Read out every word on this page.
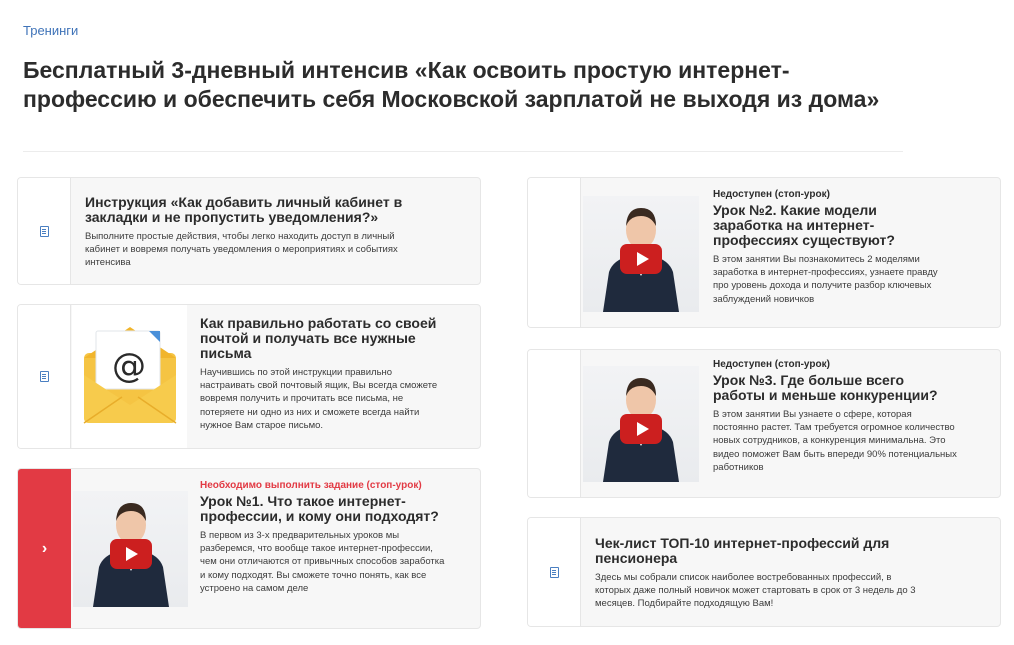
Тренинги
Бесплатный 3-дневный интенсив «Как освоить простую интернет-профессию и обеспечить себя Московской зарплатой не выходя из дома»
Инструкция «Как добавить личный кабинет в закладки и не пропустить уведомления?»
Выполните простые действия, чтобы легко находить доступ в личный кабинет и вовремя получать уведомления о мероприятиях и событиях интенсива
@
Как правильно работать со своей почтой и получать все нужные письма
Научившись по этой инструкции правильно настраивать свой почтовый ящик, Вы всегда сможете вовремя получить и прочитать все письма, не потеряете ни одно из них и сможете всегда найти нужное Вам старое письмо.
›
Необходимо выполнить задание (стоп-урок)
Урок №1. Что такое интернет-профессии, и кому они подходят?
В первом из 3-х предварительных уроков мы разберемся, что вообще такое интернет-профессии, чем они отличаются от привычных способов заработка и кому подходят. Вы сможете точно понять, как все устроено на самом деле
Недоступен (стоп-урок)
Урок №2. Какие модели заработка на интернет-профессиях существуют?
В этом занятии Вы познакомитесь 2 моделями заработка в интернет-профессиях, узнаете правду про уровень дохода и получите разбор ключевых заблуждений новичков
Недоступен (стоп-урок)
Урок №3. Где больше всего работы и меньше конкуренции?
В этом занятии Вы узнаете о сфере, которая постоянно растет. Там требуется огромное количество новых сотрудников, а конкуренция минимальна. Это видео поможет Вам быть впереди 90% потенциальных работников
Чек-лист ТОП-10 интернет-профессий для пенсионера
Здесь мы собрали список наиболее востребованных профессий, в которых даже полный новичок может стартовать в срок от 3 недель до 3 месяцев. Подбирайте подходящую Вам!
